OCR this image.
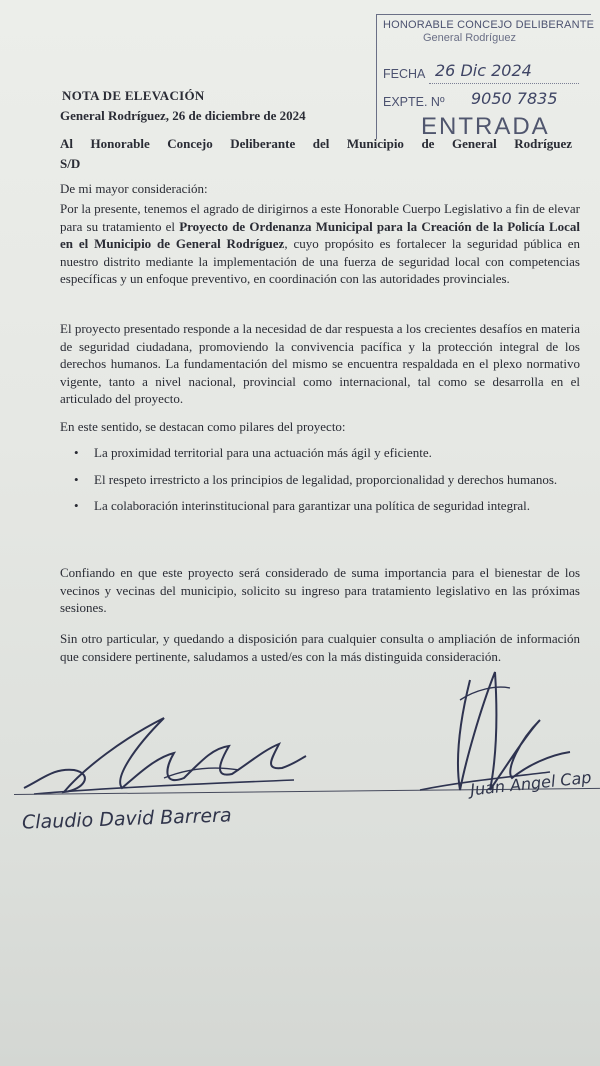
HONORABLE CONCEJO DELIBERANTE
General Rodríguez
FECHA 26 Dic 2024
EXPTE. Nº 9050 7835
ENTRADA
NOTA DE ELEVACIÓN
General Rodríguez, 26 de diciembre de 2024
Al Honorable Concejo Deliberante del Municipio de General Rodríguez
S/D
De mi mayor consideración:
Por la presente, tenemos el agrado de dirigirnos a este Honorable Cuerpo Legislativo a fin de elevar para su tratamiento el Proyecto de Ordenanza Municipal para la Creación de la Policía Local en el Municipio de General Rodríguez, cuyo propósito es fortalecer la seguridad pública en nuestro distrito mediante la implementación de una fuerza de seguridad local con competencias específicas y un enfoque preventivo, en coordinación con las autoridades provinciales.
El proyecto presentado responde a la necesidad de dar respuesta a los crecientes desafíos en materia de seguridad ciudadana, promoviendo la convivencia pacífica y la protección integral de los derechos humanos. La fundamentación del mismo se encuentra respaldada en el plexo normativo vigente, tanto a nivel nacional, provincial como internacional, tal como se desarrolla en el articulado del proyecto.
En este sentido, se destacan como pilares del proyecto:
• La proximidad territorial para una actuación más ágil y eficiente.
• El respeto irrestricto a los principios de legalidad, proporcionalidad y derechos humanos.
• La colaboración interinstitucional para garantizar una política de seguridad integral.
Confiando en que este proyecto será considerado de suma importancia para el bienestar de los vecinos y vecinas del municipio, solicito su ingreso para tratamiento legislativo en las próximas sesiones.
Sin otro particular, y quedando a disposición para cualquier consulta o ampliación de información que considere pertinente, saludamos a usted/es con la más distinguida consideración.
Claudio David Barrera
Juan Angel Cap
